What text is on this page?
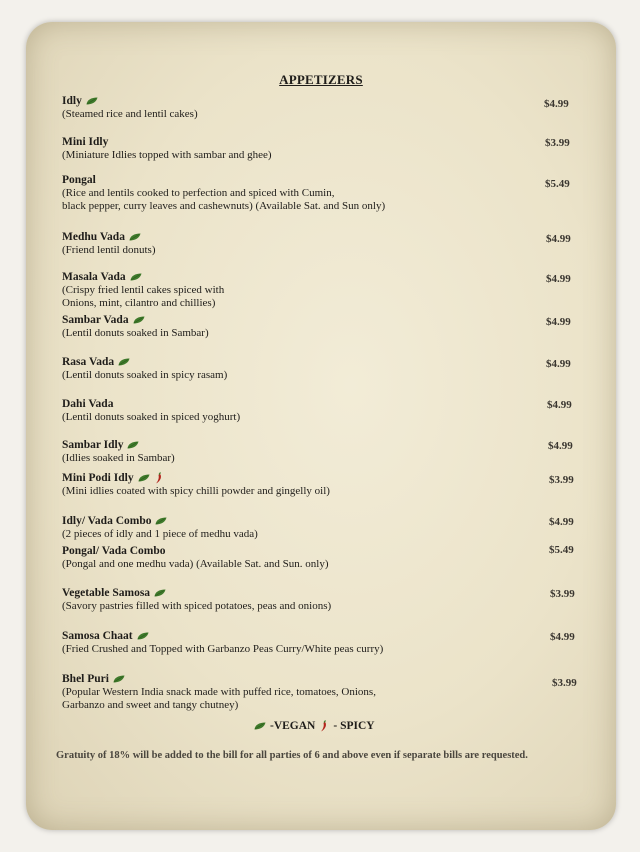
APPETIZERS
Idly
(Steamed rice and lentil cakes)
$4.99
Mini Idly
(Miniature Idlies topped with sambar and ghee)
$3.99
Pongal
(Rice and lentils cooked to perfection and spiced with Cumin,
black pepper, curry leaves and cashewnuts) (Available Sat. and Sun only)
$5.49
Medhu Vada
(Friend lentil donuts)
$4.99
Masala Vada
(Crispy fried lentil cakes spiced with
Onions, mint, cilantro and chillies)
$4.99
Sambar Vada
(Lentil donuts soaked in Sambar)
$4.99
Rasa Vada
(Lentil donuts soaked in spicy rasam)
$4.99
Dahi Vada
(Lentil donuts soaked in spiced yoghurt)
$4.99
Sambar Idly
(Idlies soaked in Sambar)
$4.99
Mini Podi Idly
(Mini idlies coated with spicy chilli powder and gingelly oil)
$3.99
Idly/ Vada Combo
(2 pieces of idly and 1 piece of medhu vada)
$4.99
Pongal/ Vada Combo
(Pongal and one medhu vada) (Available Sat. and Sun. only)
$5.49
Vegetable Samosa
(Savory pastries filled with spiced potatoes, peas and onions)
$3.99
Samosa Chaat
(Fried Crushed and Topped with Garbanzo Peas Curry/White peas curry)
$4.99
Bhel Puri
(Popular Western India snack made with puffed rice, tomatoes, Onions,
Garbanzo and sweet and tangy chutney)
$3.99
-VEGAN - SPICY
Gratuity of 18% will be added to the bill for all parties of 6 and above even if separate bills are requested.
